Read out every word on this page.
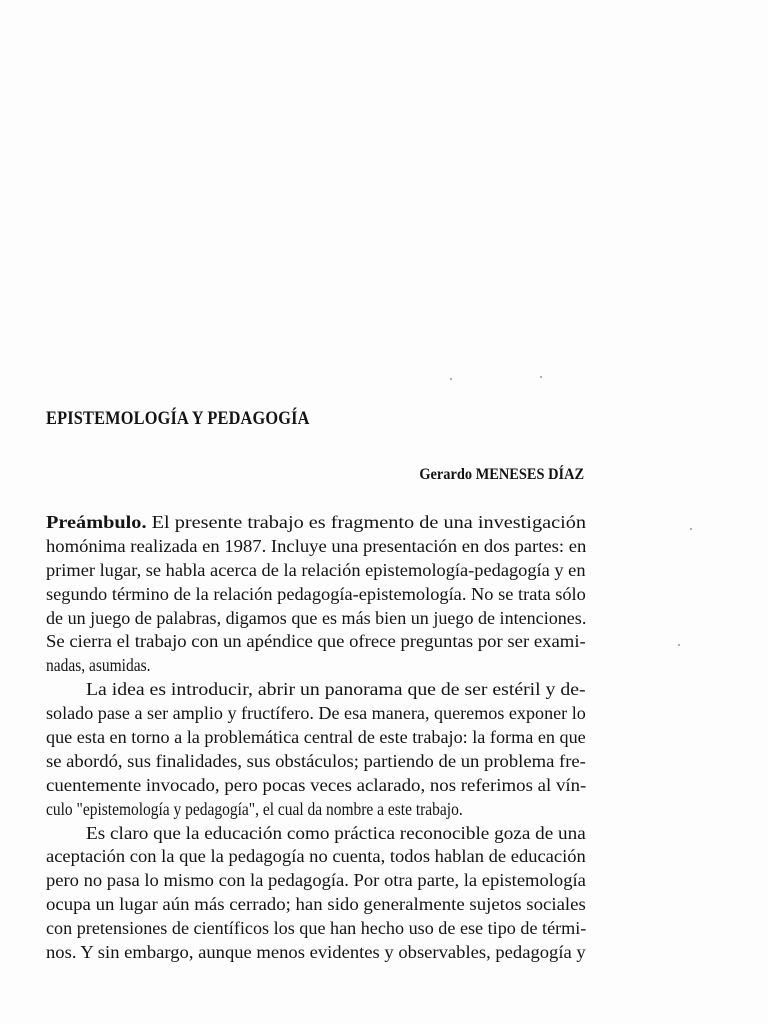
EPISTEMOLOGÍA Y PEDAGOGÍA
Gerardo MENESES DÍAZ
Preámbulo. El presente trabajo es fragmento de una investigación
homónima realizada en 1987. Incluye una presentación en dos partes: en
primer lugar, se habla acerca de la relación epistemología-pedagogía y en
segundo término de la relación pedagogía-epistemología. No se trata sólo
de un juego de palabras, digamos que es más bien un juego de intenciones.
Se cierra el trabajo con un apéndice que ofrece preguntas por ser exami-
nadas, asumidas.
La idea es introducir, abrir un panorama que de ser estéril y de-
solado pase a ser amplio y fructífero. De esa manera, queremos exponer lo
que esta en torno a la problemática central de este trabajo: la forma en que
se abordó, sus finalidades, sus obstáculos; partiendo de un problema fre-
cuentemente invocado, pero pocas veces aclarado, nos referimos al vín-
culo "epistemología y pedagogía", el cual da nombre a este trabajo.
Es claro que la educación como práctica reconocible goza de una
aceptación con la que la pedagogía no cuenta, todos hablan de educación
pero no pasa lo mismo con la pedagogía. Por otra parte, la epistemología
ocupa un lugar aún más cerrado; han sido generalmente sujetos sociales
con pretensiones de científicos los que han hecho uso de ese tipo de térmi-
nos. Y sin embargo, aunque menos evidentes y observables, pedagogía y
